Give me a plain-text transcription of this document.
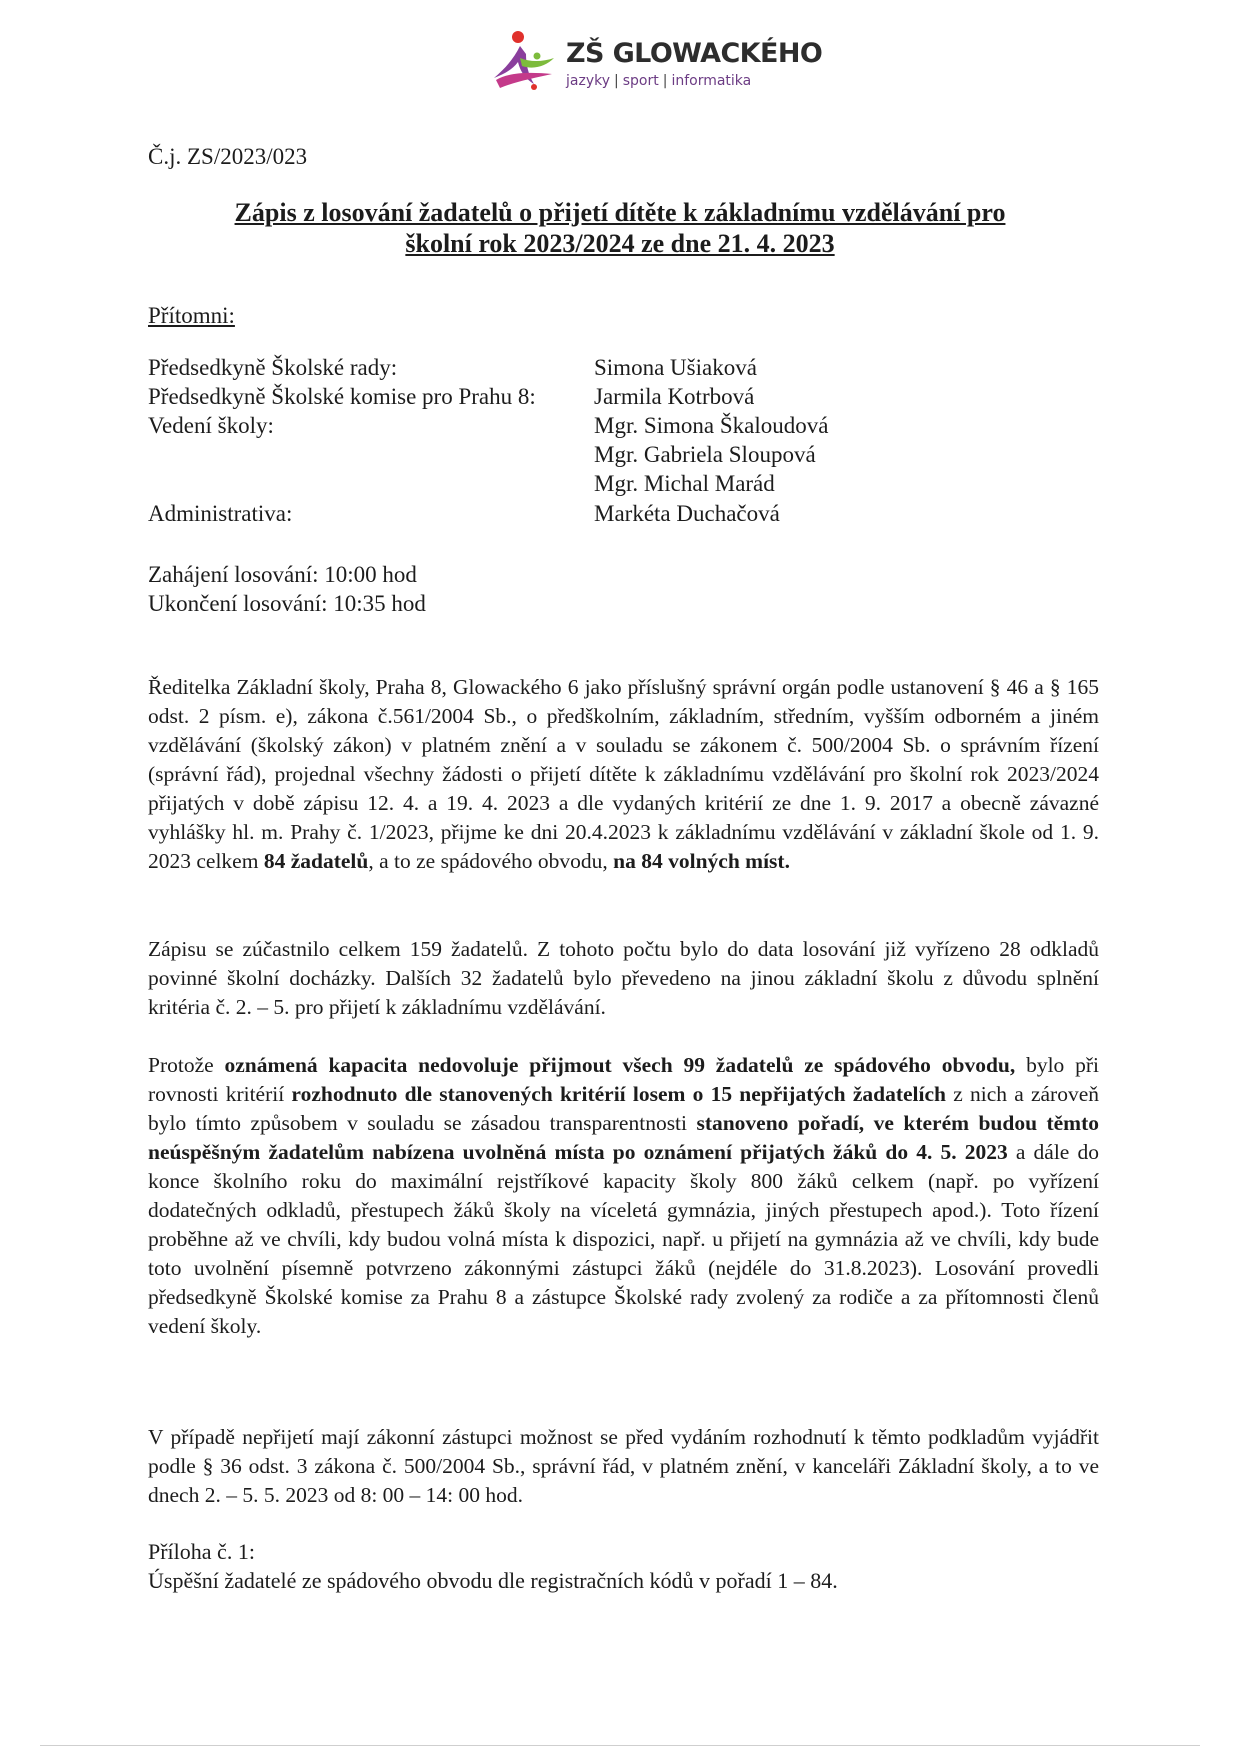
ZŠ GLOWACKÉHO
jazyky | sport | informatika
Č.j. ZS/2023/023
Zápis z losování žadatelů o přijetí dítěte k základnímu vzdělávání pro
školní rok 2023/2024 ze dne 21. 4. 2023
Přítomni:
Předsedkyně Školské rady:	Simona Ušiaková
Předsedkyně Školské komise pro Prahu 8:	Jarmila Kotrbová
Vedení školy:	Mgr. Simona Škaloudová
Mgr. Gabriela Sloupová
Mgr. Michal Marád
Administrativa:	Markéta Duchačová
Zahájení losování: 10:00 hod
Ukončení losování: 10:35 hod
Ředitelka Základní školy, Praha 8, Glowackého 6 jako příslušný správní orgán podle ustanovení § 46 a § 165 odst. 2 písm. e), zákona č.561/2004 Sb., o předškolním, základním, středním, vyšším odborném a jiném vzdělávání (školský zákon) v platném znění a v souladu se zákonem č. 500/2004 Sb. o správním řízení (správní řád), projednal všechny žádosti o přijetí dítěte k základnímu vzdělávání pro školní rok 2023/2024 přijatých v době zápisu 12. 4. a 19. 4. 2023 a dle vydaných kritérií ze dne 1. 9. 2017 a obecně závazné vyhlášky hl. m. Prahy č. 1/2023, přijme ke dni 20.4.2023 k základnímu vzdělávání v základní škole od 1. 9. 2023 celkem 84 žadatelů, a to ze spádového obvodu, na 84 volných míst.
Zápisu se zúčastnilo celkem 159 žadatelů. Z tohoto počtu bylo do data losování již vyřízeno 28 odkladů povinné školní docházky. Dalších 32 žadatelů bylo převedeno na jinou základní školu z důvodu splnění kritéria č. 2. – 5. pro přijetí k základnímu vzdělávání.
Protože oznámená kapacita nedovoluje přijmout všech 99 žadatelů ze spádového obvodu, bylo při rovnosti kritérií rozhodnuto dle stanovených kritérií losem o 15 nepřijatých žadatelích z nich a zároveň bylo tímto způsobem v souladu se zásadou transparentnosti stanoveno pořadí, ve kterém budou těmto neúspěšným žadatelům nabízena uvolněná místa po oznámení přijatých žáků do 4. 5. 2023 a dále do konce školního roku do maximální rejstříkové kapacity školy 800 žáků celkem (např. po vyřízení dodatečných odkladů, přestupech žáků školy na víceletá gymnázia, jiných přestupech apod.). Toto řízení proběhne až ve chvíli, kdy budou volná místa k dispozici, např. u přijetí na gymnázia až ve chvíli, kdy bude toto uvolnění písemně potvrzeno zákonnými zástupci žáků (nejdéle do 31.8.2023). Losování provedli předsedkyně Školské komise za Prahu 8 a zástupce Školské rady zvolený za rodiče a za přítomnosti členů vedení školy.
V případě nepřijetí mají zákonní zástupci možnost se před vydáním rozhodnutí k těmto podkladům vyjádřit podle § 36 odst. 3 zákona č. 500/2004 Sb., správní řád, v platném znění, v kanceláři Základní školy, a to ve dnech 2. – 5. 5. 2023 od 8: 00 – 14: 00 hod.
Příloha č. 1:
Úspěšní žadatelé ze spádového obvodu dle registračních kódů v pořadí 1 – 84.
